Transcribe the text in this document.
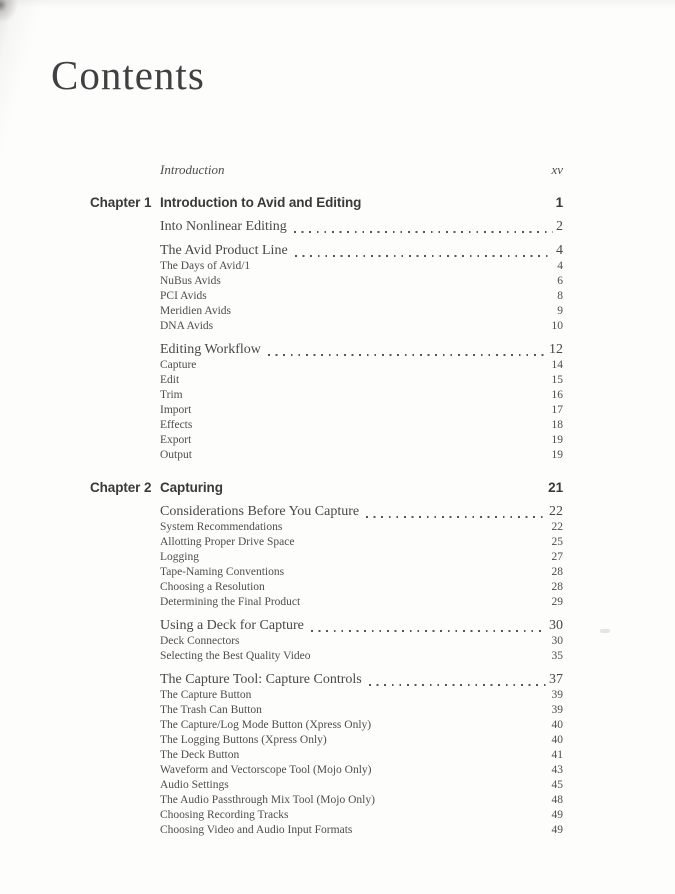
Contents
Introduction	xv
Chapter 1 Introduction to Avid and Editing	1
Into Nonlinear Editing	2
The Avid Product Line	4
The Days of Avid/1	4
NuBus Avids	6
PCI Avids	8
Meridien Avids	9
DNA Avids	10
Editing Workflow	12
Capture	14
Edit	15
Trim	16
Import	17
Effects	18
Export	19
Output	19
Chapter 2 Capturing	21
Considerations Before You Capture	22
System Recommendations	22
Allotting Proper Drive Space	25
Logging	27
Tape-Naming Conventions	28
Choosing a Resolution	28
Determining the Final Product	29
Using a Deck for Capture	30
Deck Connectors	30
Selecting the Best Quality Video	35
The Capture Tool: Capture Controls	37
The Capture Button	39
The Trash Can Button	39
The Capture/Log Mode Button (Xpress Only)	40
The Logging Buttons (Xpress Only)	40
The Deck Button	41
Waveform and Vectorscope Tool (Mojo Only)	43
Audio Settings	45
The Audio Passthrough Mix Tool (Mojo Only)	48
Choosing Recording Tracks	49
Choosing Video and Audio Input Formats	49
